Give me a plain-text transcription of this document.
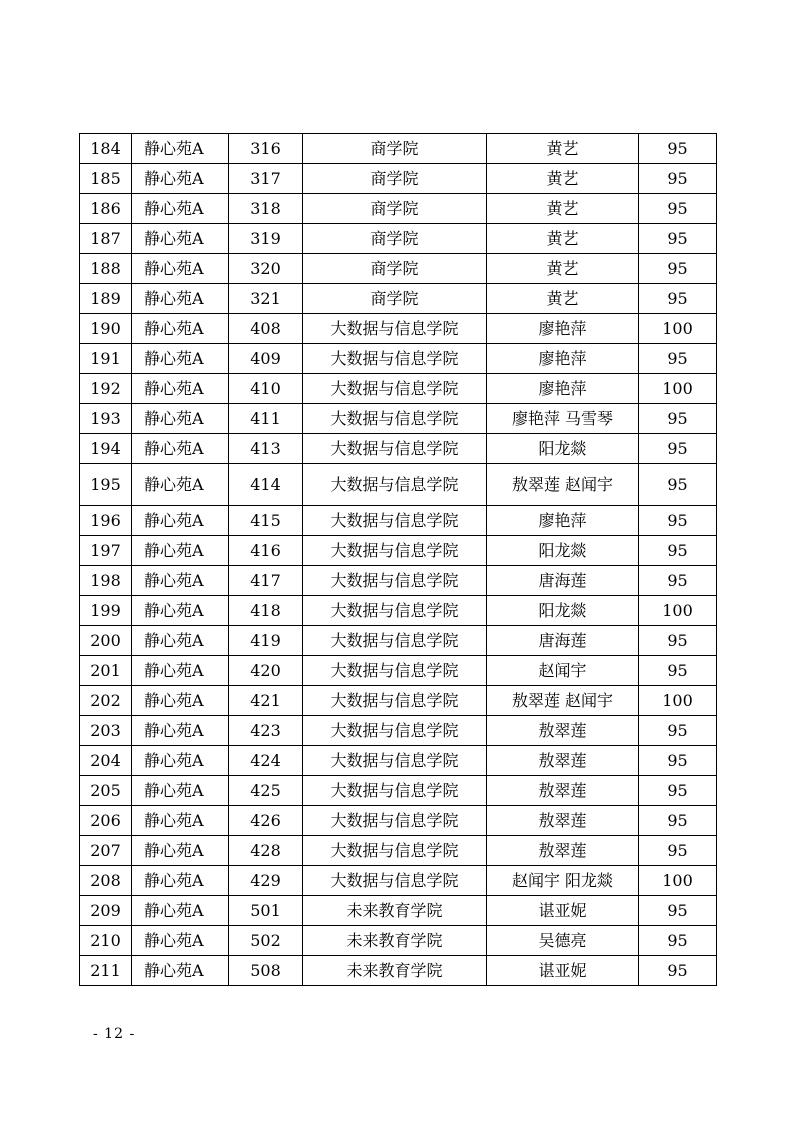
184	静心苑A	316	商学院	黄艺	95
185	静心苑A	317	商学院	黄艺	95
186	静心苑A	318	商学院	黄艺	95
187	静心苑A	319	商学院	黄艺	95
188	静心苑A	320	商学院	黄艺	95
189	静心苑A	321	商学院	黄艺	95
190	静心苑A	408	大数据与信息学院	廖艳萍	100
191	静心苑A	409	大数据与信息学院	廖艳萍	95
192	静心苑A	410	大数据与信息学院	廖艳萍	100
193	静心苑A	411	大数据与信息学院	廖艳萍 马雪琴	95
194	静心苑A	413	大数据与信息学院	阳龙燚	95
195	静心苑A	414	大数据与信息学院	敖翠莲 赵闻宇	95
196	静心苑A	415	大数据与信息学院	廖艳萍	95
197	静心苑A	416	大数据与信息学院	阳龙燚	95
198	静心苑A	417	大数据与信息学院	唐海莲	95
199	静心苑A	418	大数据与信息学院	阳龙燚	100
200	静心苑A	419	大数据与信息学院	唐海莲	95
201	静心苑A	420	大数据与信息学院	赵闻宇	95
202	静心苑A	421	大数据与信息学院	敖翠莲 赵闻宇	100
203	静心苑A	423	大数据与信息学院	敖翠莲	95
204	静心苑A	424	大数据与信息学院	敖翠莲	95
205	静心苑A	425	大数据与信息学院	敖翠莲	95
206	静心苑A	426	大数据与信息学院	敖翠莲	95
207	静心苑A	428	大数据与信息学院	敖翠莲	95
208	静心苑A	429	大数据与信息学院	赵闻宇 阳龙燚	100
209	静心苑A	501	未来教育学院	谌亚妮	95
210	静心苑A	502	未来教育学院	吴德亮	95
211	静心苑A	508	未来教育学院	谌亚妮	95
- 12 -
